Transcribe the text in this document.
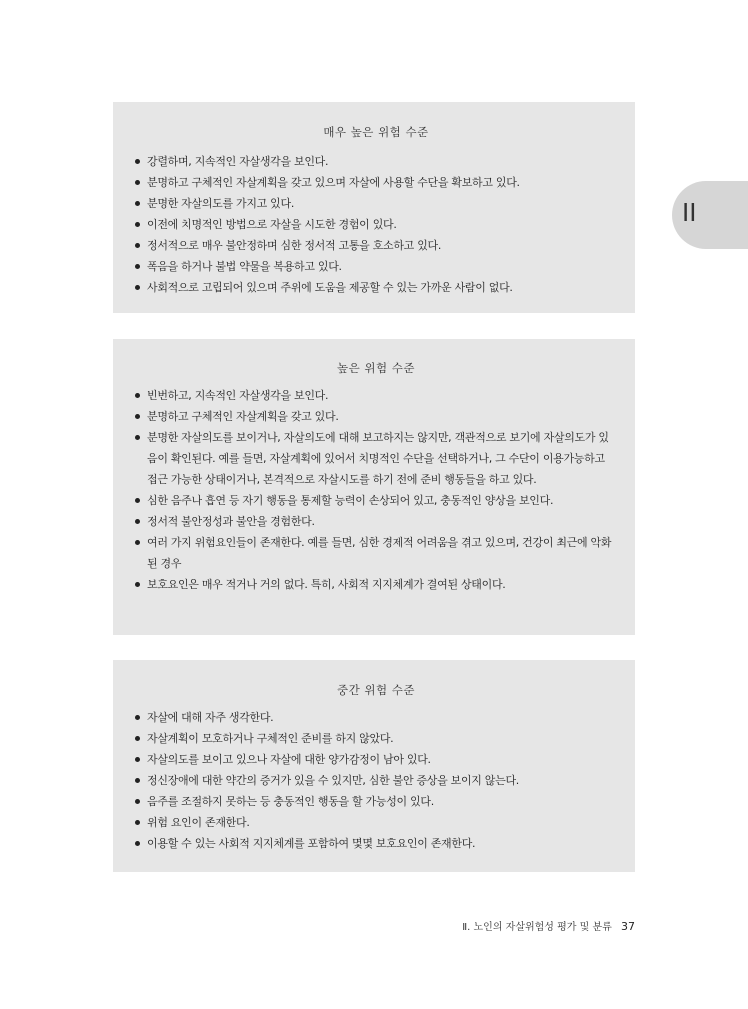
매우 높은 위험 수준

강렬하며, 지속적인 자살생각을 보인다.
분명하고 구체적인 자살계획을 갖고 있으며 자살에 사용할 수단을 확보하고 있다.
분명한 자살의도를 가지고 있다.
이전에 치명적인 방법으로 자살을 시도한 경험이 있다.
정서적으로 매우 불안정하며 심한 정서적 고통을 호소하고 있다.
폭음을 하거나 불법 약물을 복용하고 있다.
사회적으로 고립되어 있으며 주위에 도움을 제공할 수 있는 가까운 사람이 없다.

높은 위험 수준

빈번하고, 지속적인 자살생각을 보인다.
분명하고 구체적인 자살계획을 갖고 있다.
분명한 자살의도를 보이거나, 자살의도에 대해 보고하지는 않지만, 객관적으로 보기에 자살의도가 있음이 확인된다. 예를 들면, 자살계획에 있어서 치명적인 수단을 선택하거나, 그 수단이 이용가능하고 접근 가능한 상태이거나, 본격적으로 자살시도를 하기 전에 준비 행동들을 하고 있다.
심한 음주나 흡연 등 자기 행동을 통제할 능력이 손상되어 있고, 충동적인 양상을 보인다.
정서적 불안정성과 불안을 경험한다.
여러 가지 위험요인들이 존재한다. 예를 들면, 심한 경제적 어려움을 겪고 있으며, 건강이 최근에 악화된 경우
보호요인은 매우 적거나 거의 없다. 특히, 사회적 지지체계가 결여된 상태이다.

중간 위험 수준

자살에 대해 자주 생각한다.
자살계획이 모호하거나 구체적인 준비를 하지 않았다.
자살의도를 보이고 있으나 자살에 대한 양가감정이 남아 있다.
정신장애에 대한 약간의 증거가 있을 수 있지만, 심한 불안 증상을 보이지 않는다.
음주를 조절하지 못하는 등 충동적인 행동을 할 가능성이 있다.
위험 요인이 존재한다.
이용할 수 있는 사회적 지지체계를 포함하여 몇몇 보호요인이 존재한다.
II
Ⅱ. 노인의 자살위험성 평가 및 분류 37
